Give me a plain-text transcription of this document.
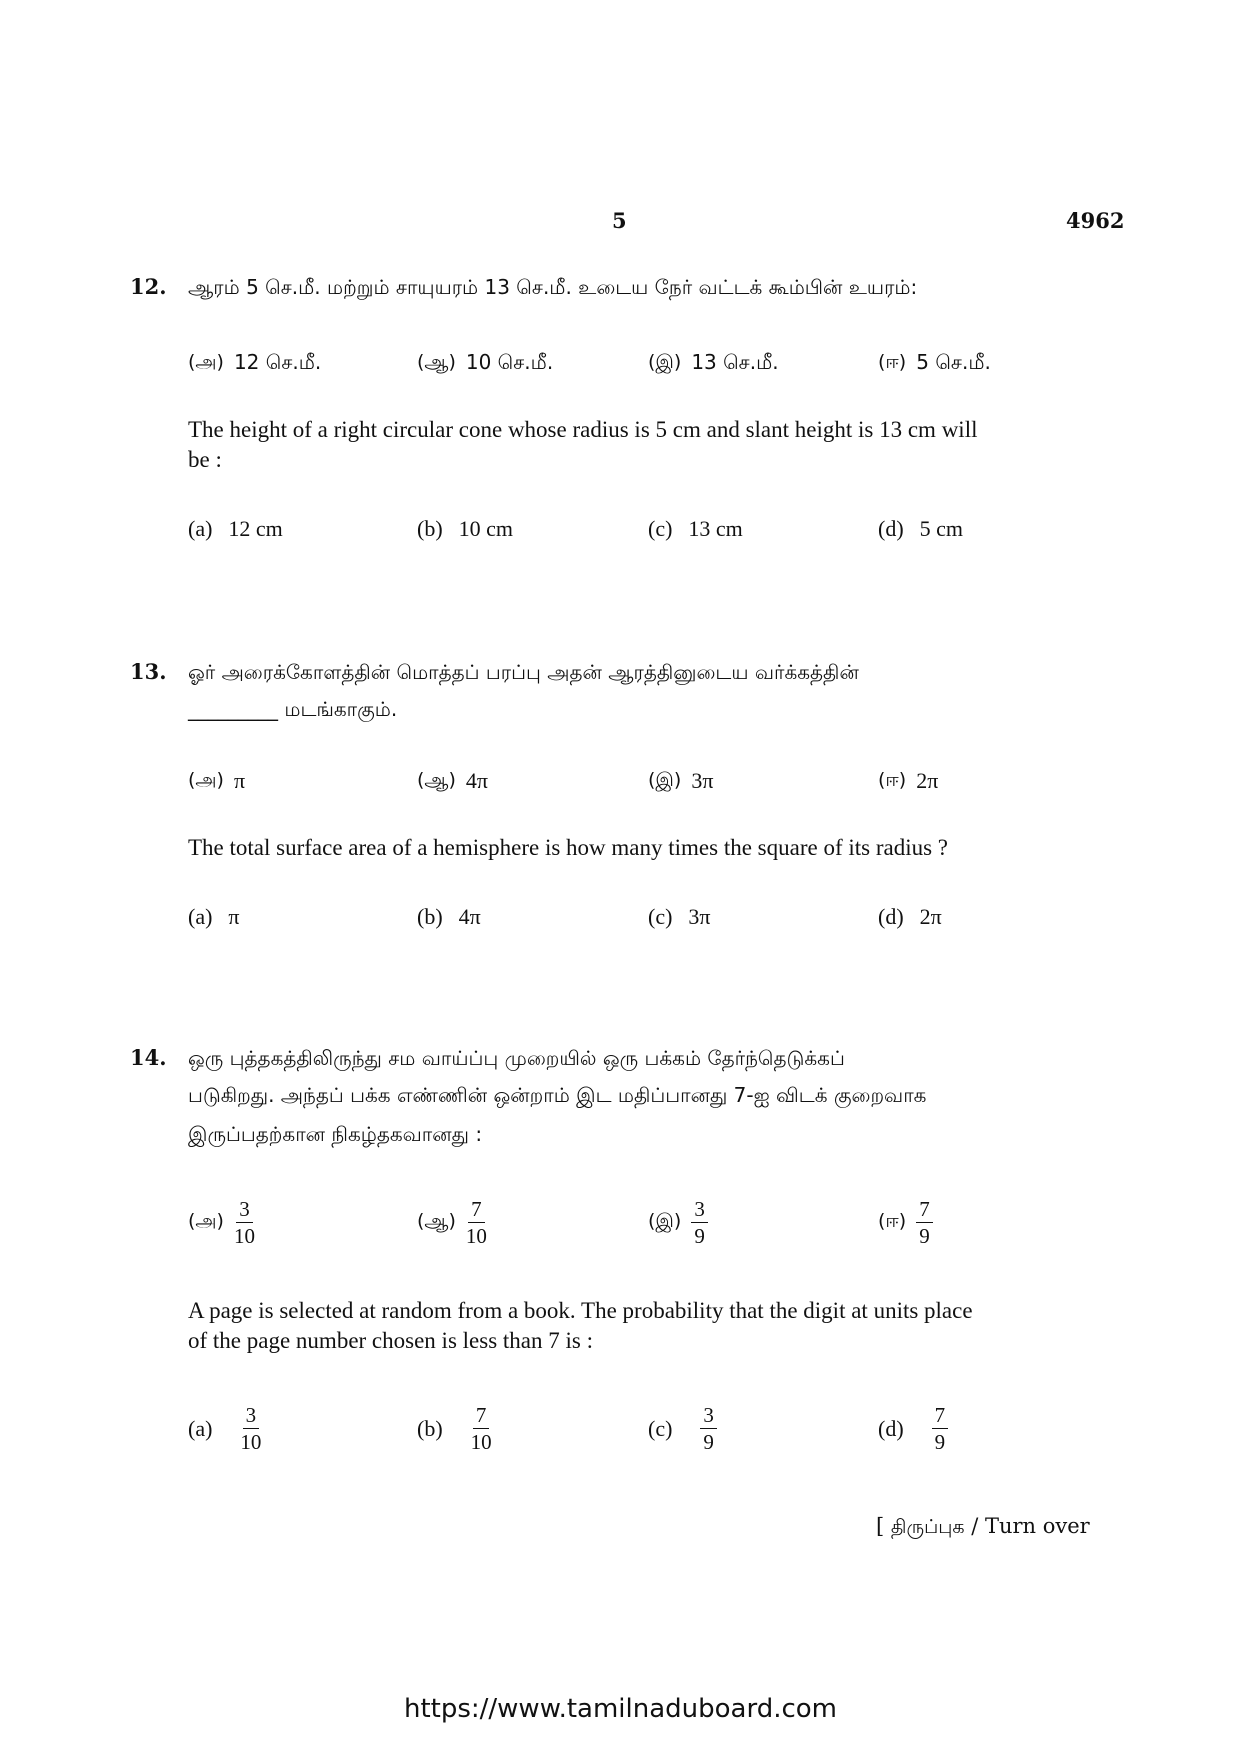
5	4962
12. ஆரம் 5 செ.மீ. மற்றும் சாயுயரம் 13 செ.மீ. உடைய நேர் வட்டக் கூம்பின் உயரம்:
(அ) 12 செ.மீ.	(ஆ) 10 செ.மீ.	(இ) 13 செ.மீ.	(ஈ) 5 செ.மீ.
The height of a right circular cone whose radius is 5 cm and slant height is 13 cm will
be :
(a) 12 cm	(b) 10 cm	(c) 13 cm	(d) 5 cm
13. ஓர் அரைக்கோளத்தின் மொத்தப் பரப்பு அதன் ஆரத்தினுடைய வர்க்கத்தின்
_________ மடங்காகும்.
(அ) π	(ஆ) 4π	(இ) 3π	(ஈ) 2π
The total surface area of a hemisphere is how many times the square of its radius ?
(a) π	(b) 4π	(c) 3π	(d) 2π
14. ஒரு புத்தகத்திலிருந்து சம வாய்ப்பு முறையில் ஒரு பக்கம் தேர்ந்தெடுக்கப்
படுகிறது. அந்தப் பக்க எண்ணின் ஒன்றாம் இட மதிப்பானது 7-ஐ விடக் குறைவாக
இருப்பதற்கான நிகழ்தகவானது :
(அ) $\frac{3}{10}$	(ஆ) $\frac{7}{10}$	(இ) $\frac{3}{9}$	(ஈ) $\frac{7}{9}$
A page is selected at random from a book. The probability that the digit at units place
of the page number chosen is less than 7 is :
$(a) \frac{3}{10}$	$(b) \frac{7}{10}$	$(c) \frac{3}{9}$	$(d) \frac{7}{9}$
[ திருப்புக / Turn over
https://www.tamilnaduboard.com
